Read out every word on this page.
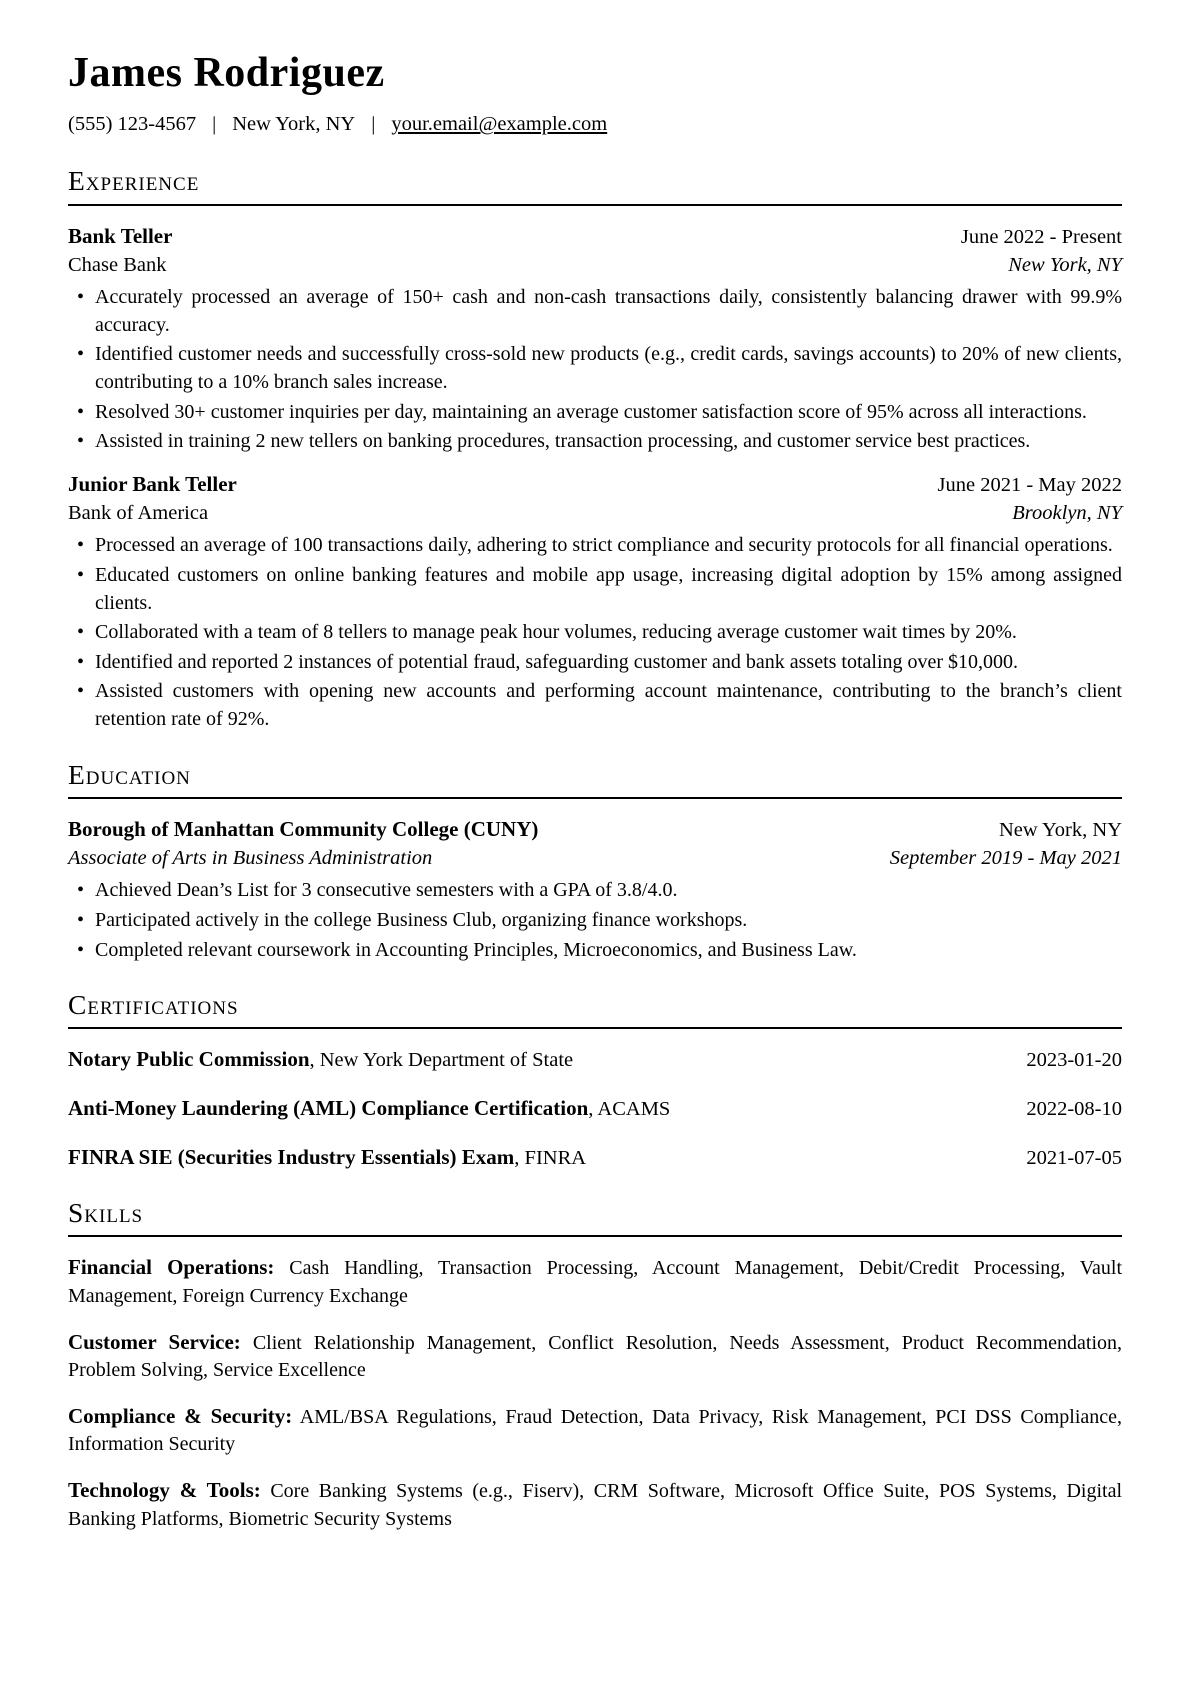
James Rodriguez
(555) 123-4567 | New York, NY | your.email@example.com
Experience
Bank Teller	June 2022 - Present
Chase Bank	New York, NY
• Accurately processed an average of 150+ cash and non-cash transactions daily, consistently balancing drawer with 99.9% accuracy.
• Identified customer needs and successfully cross-sold new products (e.g., credit cards, savings accounts) to 20% of new clients, contributing to a 10% branch sales increase.
• Resolved 30+ customer inquiries per day, maintaining an average customer satisfaction score of 95% across all interactions.
• Assisted in training 2 new tellers on banking procedures, transaction processing, and customer service best practices.
Junior Bank Teller	June 2021 - May 2022
Bank of America	Brooklyn, NY
• Processed an average of 100 transactions daily, adhering to strict compliance and security protocols for all financial operations.
• Educated customers on online banking features and mobile app usage, increasing digital adoption by 15% among assigned clients.
• Collaborated with a team of 8 tellers to manage peak hour volumes, reducing average customer wait times by 20%.
• Identified and reported 2 instances of potential fraud, safeguarding customer and bank assets totaling over $10,000.
• Assisted customers with opening new accounts and performing account maintenance, contributing to the branch’s client retention rate of 92%.
Education
Borough of Manhattan Community College (CUNY)	New York, NY
Associate of Arts in Business Administration	September 2019 - May 2021
• Achieved Dean’s List for 3 consecutive semesters with a GPA of 3.8/4.0.
• Participated actively in the college Business Club, organizing finance workshops.
• Completed relevant coursework in Accounting Principles, Microeconomics, and Business Law.
Certifications
Notary Public Commission, New York Department of State	2023-01-20
Anti-Money Laundering (AML) Compliance Certification, ACAMS	2022-08-10
FINRA SIE (Securities Industry Essentials) Exam, FINRA	2021-07-05
Skills

Financial Operations: Cash Handling, Transaction Processing, Account Management, Debit/Credit Processing, Vault Management, Foreign Currency Exchange

Customer Service: Client Relationship Management, Conflict Resolution, Needs Assessment, Product Recommendation, Problem Solving, Service Excellence

Compliance & Security: AML/BSA Regulations, Fraud Detection, Data Privacy, Risk Management, PCI DSS Compliance, Information Security

Technology & Tools: Core Banking Systems (e.g., Fiserv), CRM Software, Microsoft Office Suite, POS Systems, Digital Banking Platforms, Biometric Security Systems
